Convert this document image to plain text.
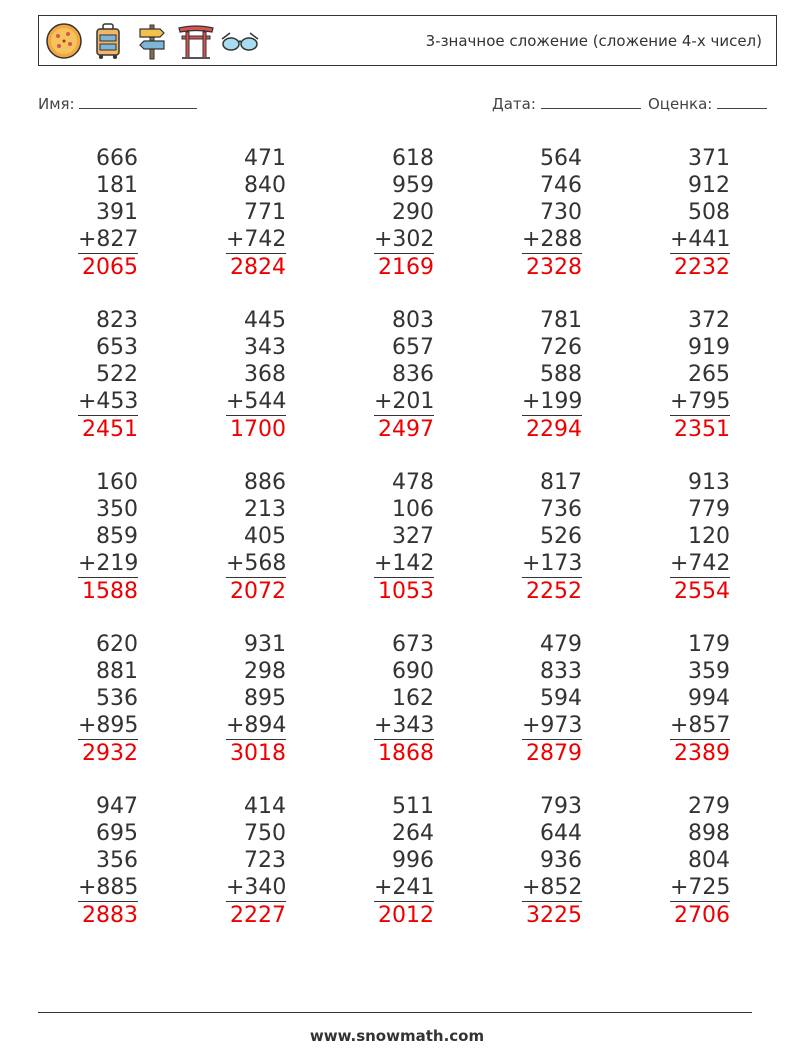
3-значное сложение (сложение 4-х чисел)
Имя:	Дата:	Оценка:
666
181
391
+827
2065
471
840
771
+742
2824
618
959
290
+302
2169
564
746
730
+288
2328
371
912
508
+441
2232
823
653
522
+453
2451
445
343
368
+544
1700
803
657
836
+201
2497
781
726
588
+199
2294
372
919
265
+795
2351
160
350
859
+219
1588
886
213
405
+568
2072
478
106
327
+142
1053
817
736
526
+173
2252
913
779
120
+742
2554
620
881
536
+895
2932
931
298
895
+894
3018
673
690
162
+343
1868
479
833
594
+973
2879
179
359
994
+857
2389
947
695
356
+885
2883
414
750
723
+340
2227
511
264
996
+241
2012
793
644
936
+852
3225
279
898
804
+725
2706
www.snowmath.com
